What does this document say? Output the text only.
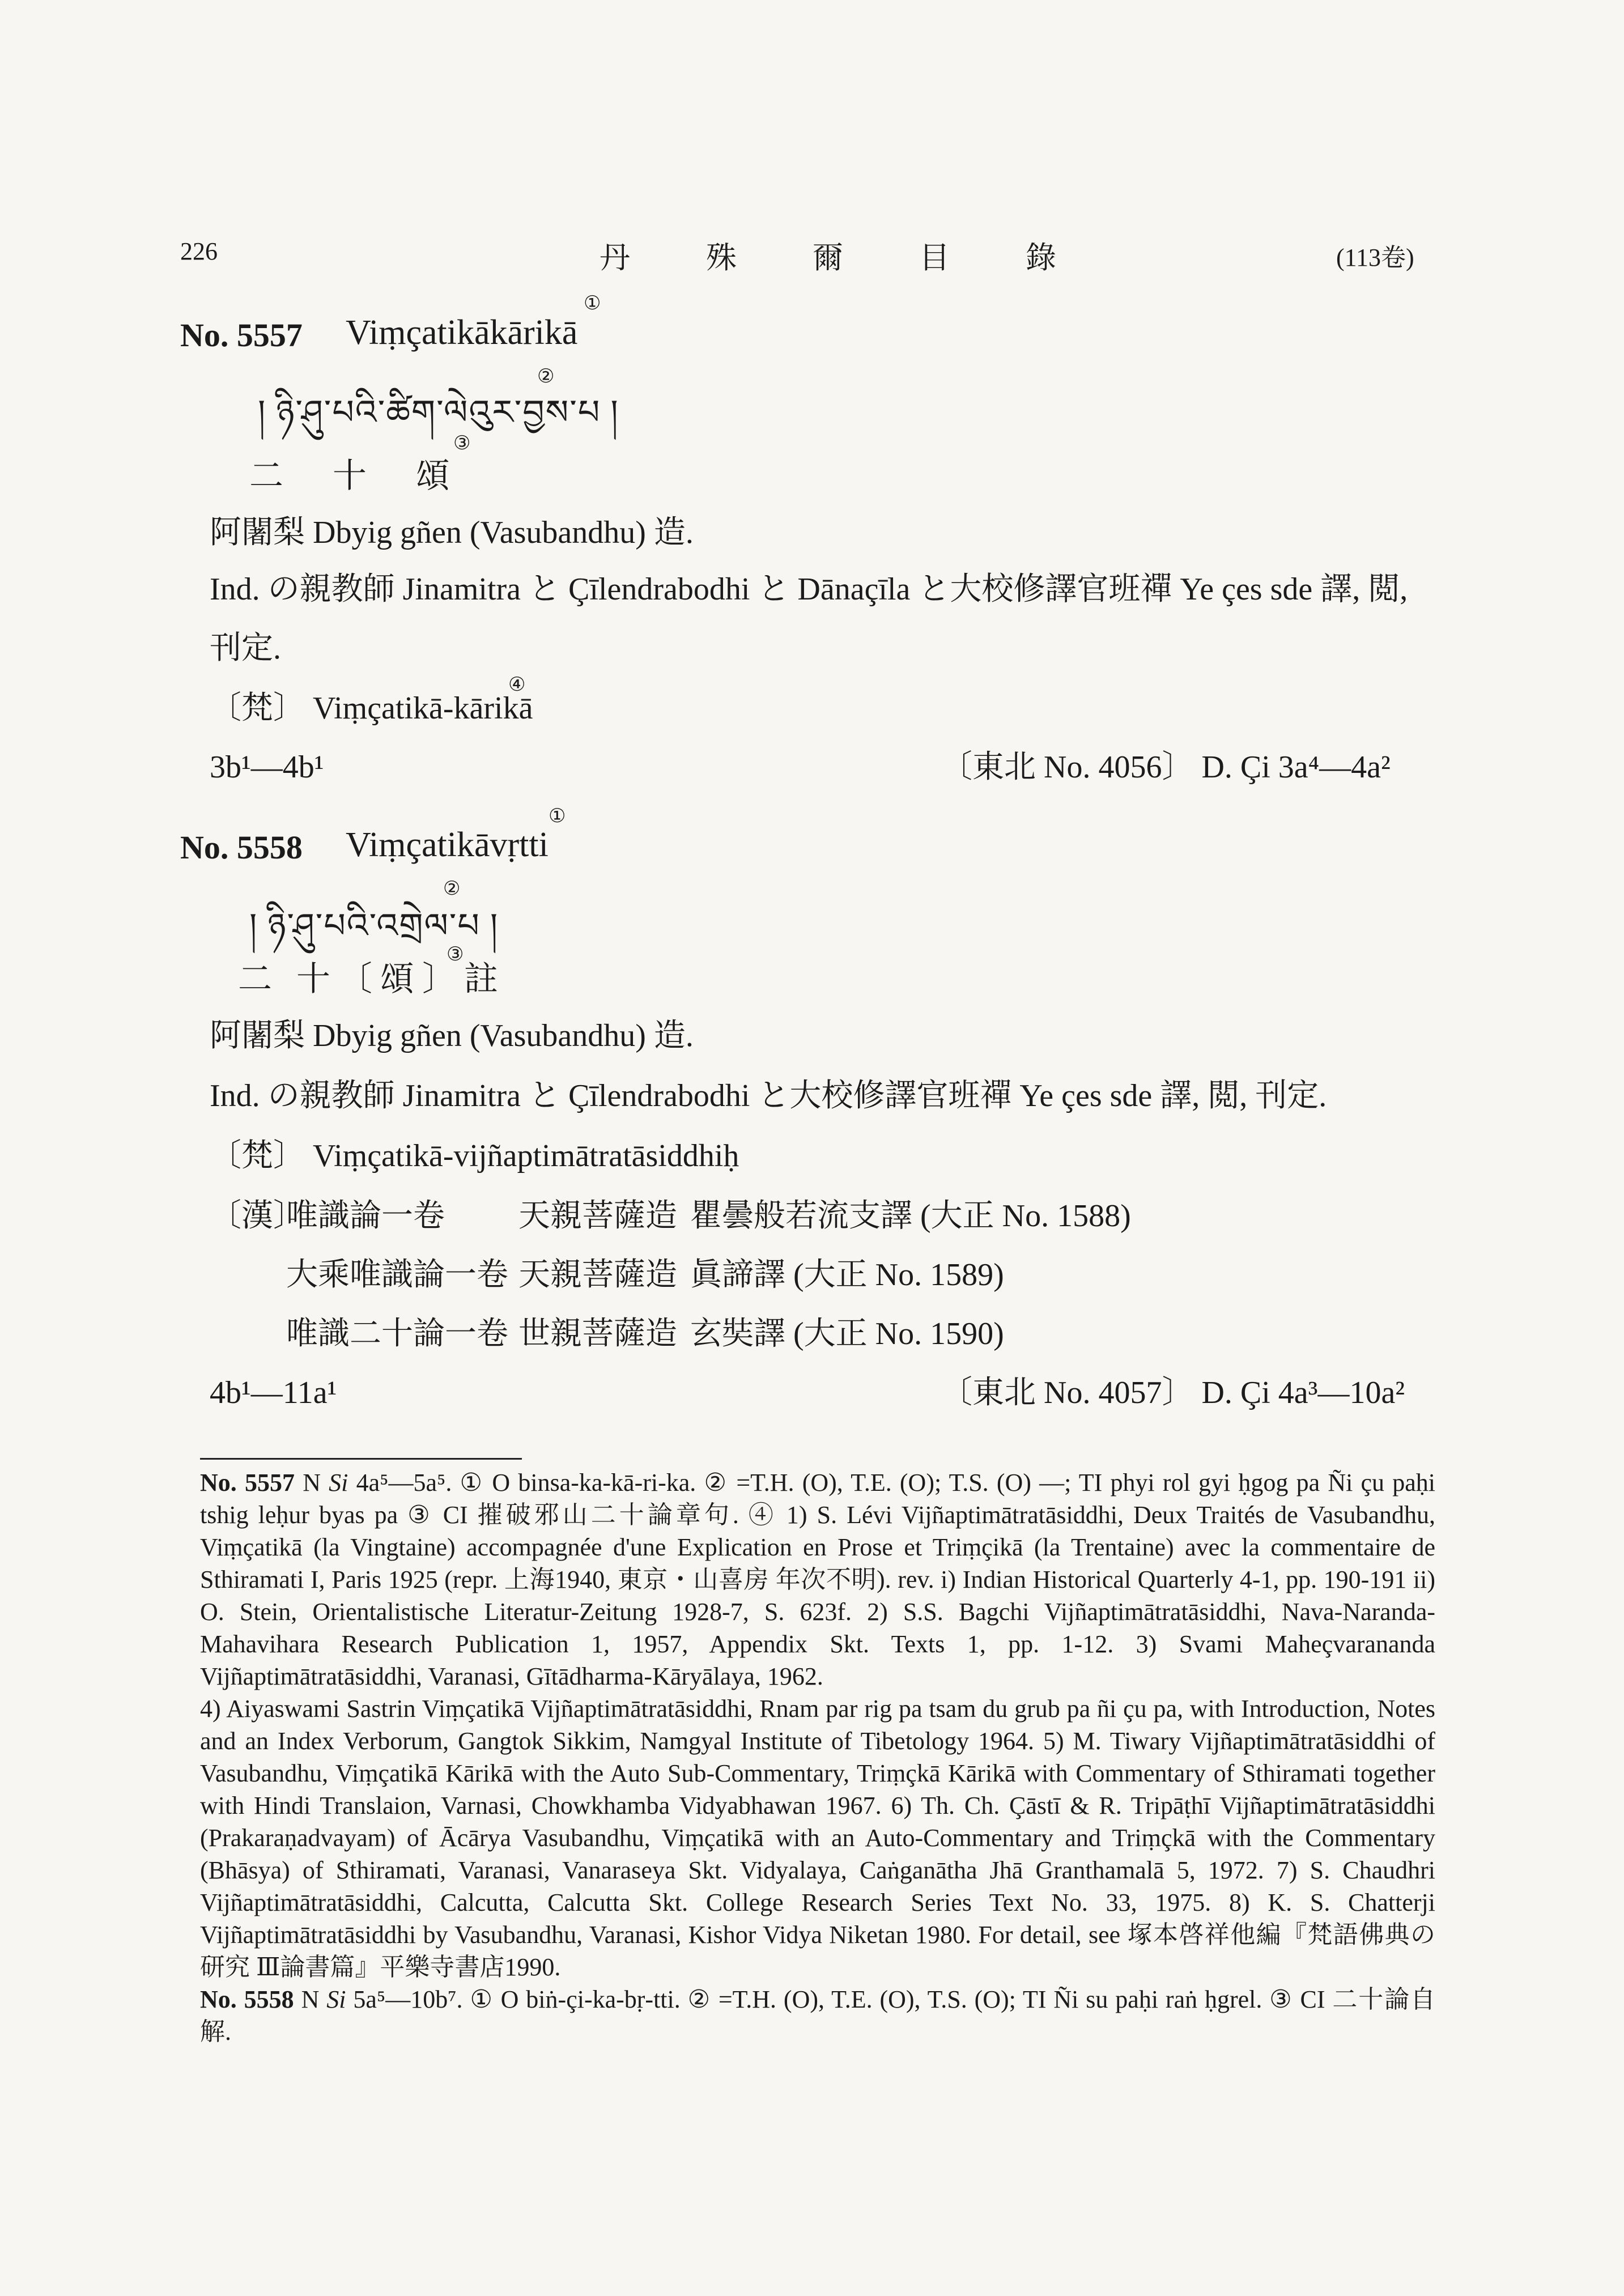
226	丹　殊　爾　目　錄	(113卷)
No. 5557 Viṃçatikākārikā
①
། ཉི་ཤུ་པའི་ཚིག་ལེའུར་བྱས་པ །
②
二 十 頌
③
阿闍梨 Dbyig gñen (Vasubandhu) 造.
Ind. の親教師 Jinamitra と Çīlendrabodhi と Dānaçīla と大校修譯官班禪 Ye çes sde 譯, 閲,
刊定.
〔梵〕 Viṃçatikā-kārikā
④
3b¹—4b¹	〔東北 No. 4056〕 D. Çi 3a⁴—4a²
No. 5558 Viṃçatikāvṛtti
①
། ཉི་ཤུ་པའི་འགྲེལ་པ །
②
二 十〔頌〕註
③
阿闍梨 Dbyig gñen (Vasubandhu) 造.
Ind. の親教師 Jinamitra と Çīlendrabodhi と大校修譯官班禪 Ye çes sde 譯, 閲, 刊定.
〔梵〕 Viṃçatikā-vijñaptimātratāsiddhiḥ
〔漢〕
唯識論一卷 天親菩薩造 瞿曇般若流支譯 (大正 No. 1588)
大乘唯識論一卷 天親菩薩造 眞諦譯 (大正 No. 1589)
唯識二十論一卷 世親菩薩造 玄奘譯 (大正 No. 1590)
4b¹—11a¹	〔東北 No. 4057〕 D. Çi 4a³—10a²

No. 5557 N Si 4a⁵—5a⁵. ① O binsa-ka-kā-ri-ka. ② =T.H. (O), T.E. (O); T.S. (O) —; TI phyi rol gyi ḥgog pa Ñi çu paḥi tshig leḥur byas pa ③ CI 摧破邪山二十論章句. ④ 1) S. Lévi Vijñaptimātratāsiddhi, Deux Traités de Vasubandhu, Viṃçatikā (la Vingtaine) accompagnée d'une Explication en Prose et Triṃçikā (la Trentaine) avec la commentaire de Sthiramati I, Paris 1925 (repr. 上海1940, 東京・山喜房 年次不明). rev. i) Indian Historical Quarterly 4-1, pp. 190-191 ii) O. Stein, Orientalistische Literatur-Zeitung 1928-7, S. 623f. 2) S.S. Bagchi Vijñaptimātratāsiddhi, Nava-Naranda-Mahavihara Research Publication 1, 1957, Appendix Skt. Texts 1, pp. 1-12. 3) Svami Maheçvarananda Vijñaptimātratāsiddhi, Varanasi, Gītādharma-Kāryālaya, 1962.

4) Aiyaswami Sastrin Viṃçatikā Vijñaptimātratāsiddhi, Rnam par rig pa tsam du grub pa ñi çu pa, with Introduction, Notes and an Index Verborum, Gangtok Sikkim, Namgyal Institute of Tibetology 1964. 5) M. Tiwary Vijñaptimātratāsiddhi of Vasubandhu, Viṃçatikā Kārikā with the Auto Sub-Commentary, Triṃçkā Kārikā with Commentary of Sthiramati together with Hindi Translaion, Varnasi, Chowkhamba Vidyabhawan 1967. 6) Th. Ch. Çāstī & R. Tripāṭhī Vijñaptimātratāsiddhi (Prakaraṇadvayam) of Ācārya Vasubandhu, Viṃçatikā with an Auto-Commentary and Triṃçkā with the Commentary (Bhāsya) of Sthiramati, Varanasi, Vanaraseya Skt. Vidyalaya, Caṅganātha Jhā Granthamalā 5, 1972. 7) S. Chaudhri Vijñaptimātratāsiddhi, Calcutta, Calcutta Skt. College Research Series Text No. 33, 1975. 8) K. S. Chatterji Vijñaptimātratāsiddhi by Vasubandhu, Varanasi, Kishor Vidya Niketan 1980. For detail, see 塚本啓祥他編『梵語佛典の研究 Ⅲ論書篇』平樂寺書店1990.

No. 5558 N Si 5a⁵—10b⁷. ① O biṅ-çi-ka-bṛ-tti. ② =T.H. (O), T.E. (O), T.S. (O); TI Ñi su paḥi raṅ ḥgrel. ③ CI 二十論自解.
